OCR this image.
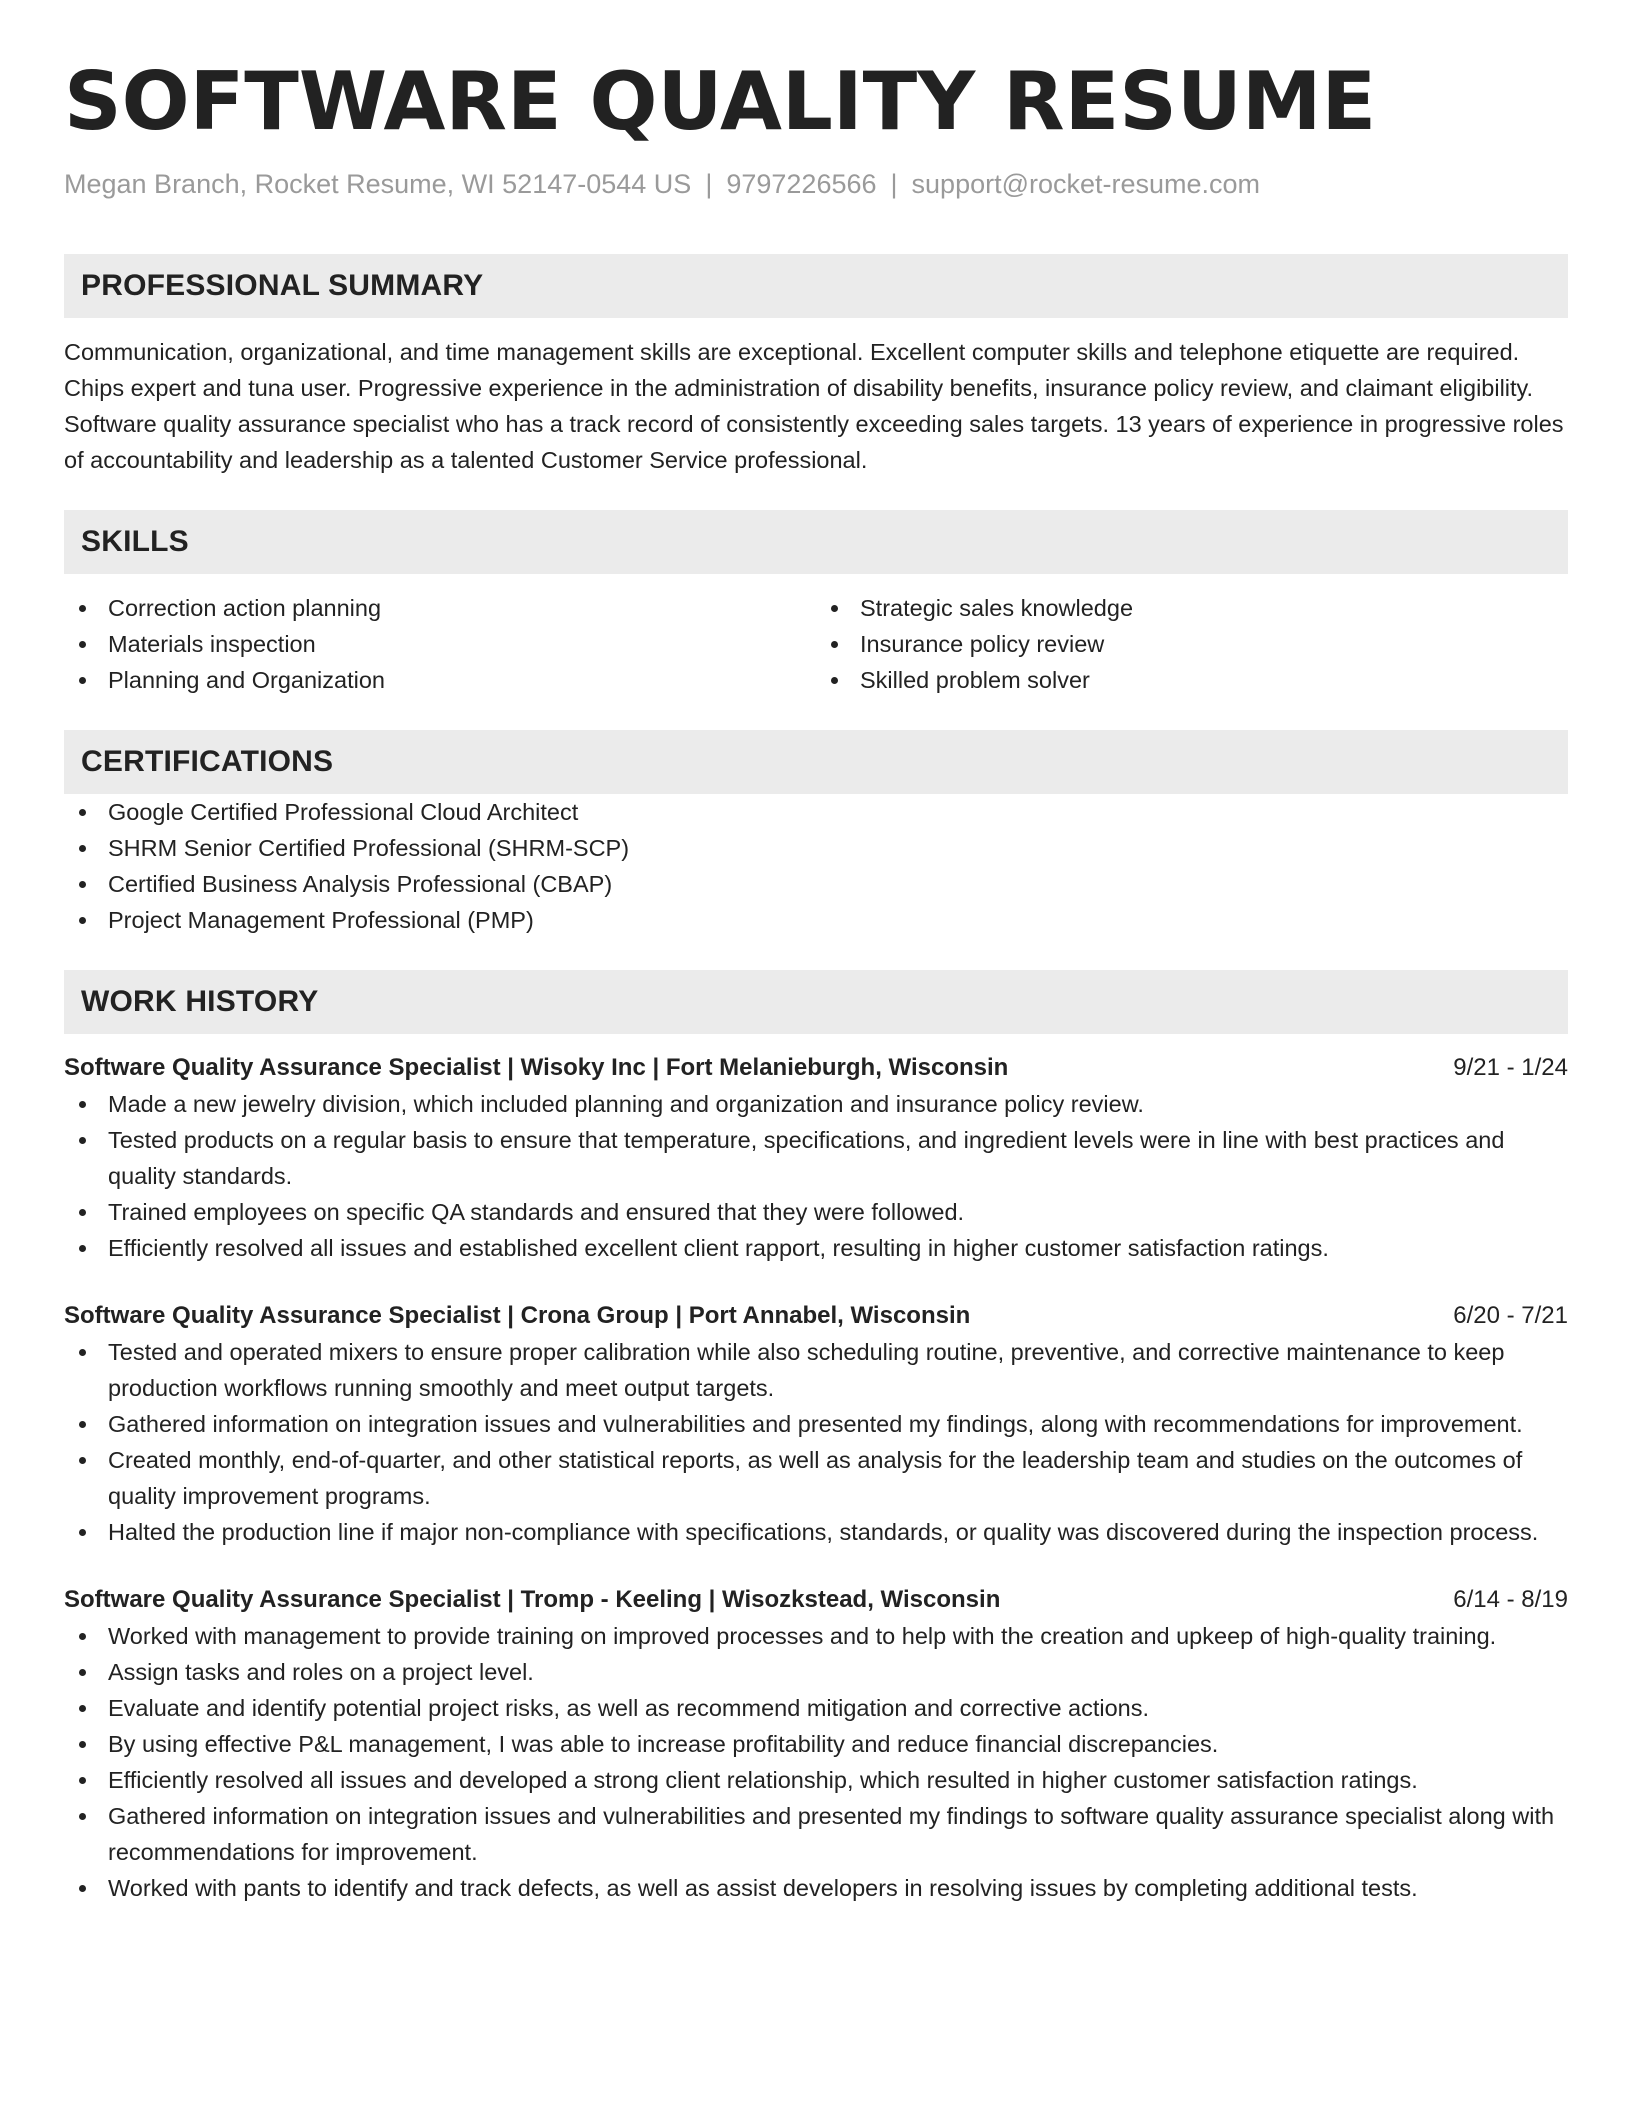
SOFTWARE QUALITY RESUME
Megan Branch, Rocket Resume, WI 52147-0544 US | 9797226566 | support@rocket-resume.com
PROFESSIONAL SUMMARY
Communication, organizational, and time management skills are exceptional. Excellent computer skills and telephone etiquette are required. Chips expert and tuna user. Progressive experience in the administration of disability benefits, insurance policy review, and claimant eligibility. Software quality assurance specialist who has a track record of consistently exceeding sales targets. 13 years of experience in progressive roles of accountability and leadership as a talented Customer Service professional.
SKILLS
Correction action planning
Materials inspection
Planning and Organization
Strategic sales knowledge
Insurance policy review
Skilled problem solver
CERTIFICATIONS
Google Certified Professional Cloud Architect
SHRM Senior Certified Professional (SHRM-SCP)
Certified Business Analysis Professional (CBAP)
Project Management Professional (PMP)
WORK HISTORY
Software Quality Assurance Specialist | Wisoky Inc | Fort Melanieburgh, Wisconsin	9/21 - 1/24
Made a new jewelry division, which included planning and organization and insurance policy review.
Tested products on a regular basis to ensure that temperature, specifications, and ingredient levels were in line with best practices and quality standards.
Trained employees on specific QA standards and ensured that they were followed.
Efficiently resolved all issues and established excellent client rapport, resulting in higher customer satisfaction ratings.
Software Quality Assurance Specialist | Crona Group | Port Annabel, Wisconsin	6/20 - 7/21
Tested and operated mixers to ensure proper calibration while also scheduling routine, preventive, and corrective maintenance to keep production workflows running smoothly and meet output targets.
Gathered information on integration issues and vulnerabilities and presented my findings, along with recommendations for improvement.
Created monthly, end-of-quarter, and other statistical reports, as well as analysis for the leadership team and studies on the outcomes of quality improvement programs.
Halted the production line if major non-compliance with specifications, standards, or quality was discovered during the inspection process.
Software Quality Assurance Specialist | Tromp - Keeling | Wisozkstead, Wisconsin	6/14 - 8/19
Worked with management to provide training on improved processes and to help with the creation and upkeep of high-quality training.
Assign tasks and roles on a project level.
Evaluate and identify potential project risks, as well as recommend mitigation and corrective actions.
By using effective P&L management, I was able to increase profitability and reduce financial discrepancies.
Efficiently resolved all issues and developed a strong client relationship, which resulted in higher customer satisfaction ratings.
Gathered information on integration issues and vulnerabilities and presented my findings to software quality assurance specialist along with recommendations for improvement.
Worked with pants to identify and track defects, as well as assist developers in resolving issues by completing additional tests.
